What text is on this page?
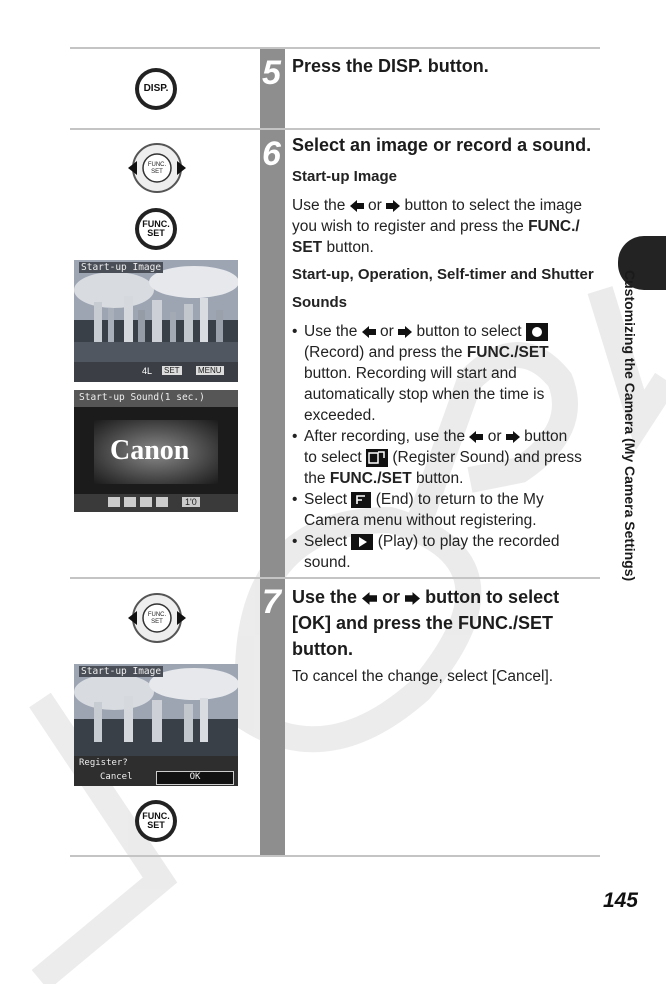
5
6
7
DISP.
Press the DISP. button.
FUNC.
SET
FUNC.
SET
Start-up Image
4L SET MENU
Start-up Sound(1 sec.)
Canon
1'0
Select an image or record a sound.
Start-up Image
Use the or button to select the image
you wish to register and press the FUNC./
SET button.
Start-up, Operation, Self-timer and Shutter
Sounds
• Use the or button to select
(Record) and press the FUNC./SET
button. Recording will start and
automatically stop when the time is
exceeded.
• After recording, use the or button
to select (Register Sound) and press
the FUNC./SET button.
• Select (End) to return to the My
Camera menu without registering.
• Select (Play) to play the recorded
sound.
FUNC.
SET
Start-up Image
Register?
Cancel	OK
FUNC.
SET
Use the or button to select
[OK] and press the FUNC./SET
button.
To cancel the change, select [Cancel].
Customizing the Camera (My Camera Settings)
145
